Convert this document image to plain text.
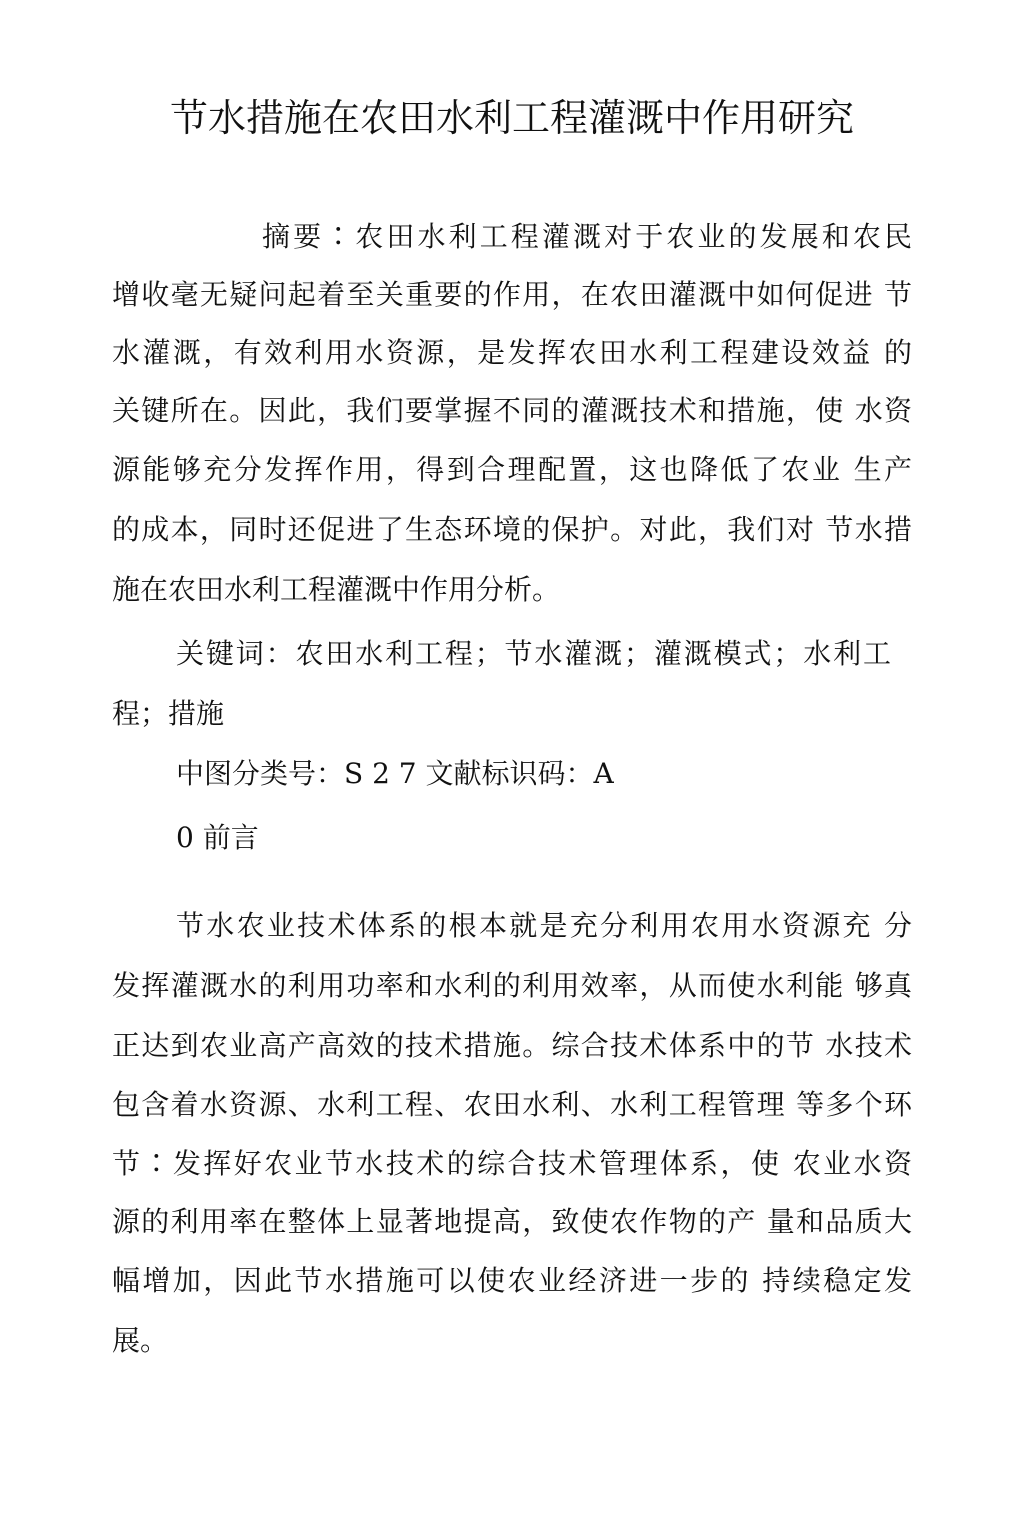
节水措施在农田水利工程灌溉中作用研究
摘要∶农田水利工程灌溉对于农业的发展和农民
增收毫无疑问起着至关重要的作用，在农田灌溉中如何促进 节
水灌溉，有效利用水资源，是发挥农田水利工程建设效益 的
关键所在。因此，我们要掌握不同的灌溉技术和措施，使 水资
源能够充分发挥作用，得到合理配置，这也降低了农业 生产
的成本，同时还促进了生态环境的保护。对此，我们对 节水措
施在农田水利工程灌溉中作用分析。
关键词：农田水利工程；节水灌溉；灌溉模式；水利工
程；措施
中图分类号：S 2 7 文献标识码：A
0 前言
节水农业技术体系的根本就是充分利用农用水资源充 分
发挥灌溉水的利用功率和水利的利用效率，从而使水利能 够真
正达到农业高产高效的技术措施。综合技术体系中的节 水技术
包含着水资源、水利工程、农田水利、水利工程管理 等多个环
节∶发挥好农业节水技术的综合技术管理体系，使 农业水资
源的利用率在整体上显著地提高，致使农作物的产 量和品质大
幅增加，因此节水措施可以使农业经济进一步的 持续稳定发
展。
